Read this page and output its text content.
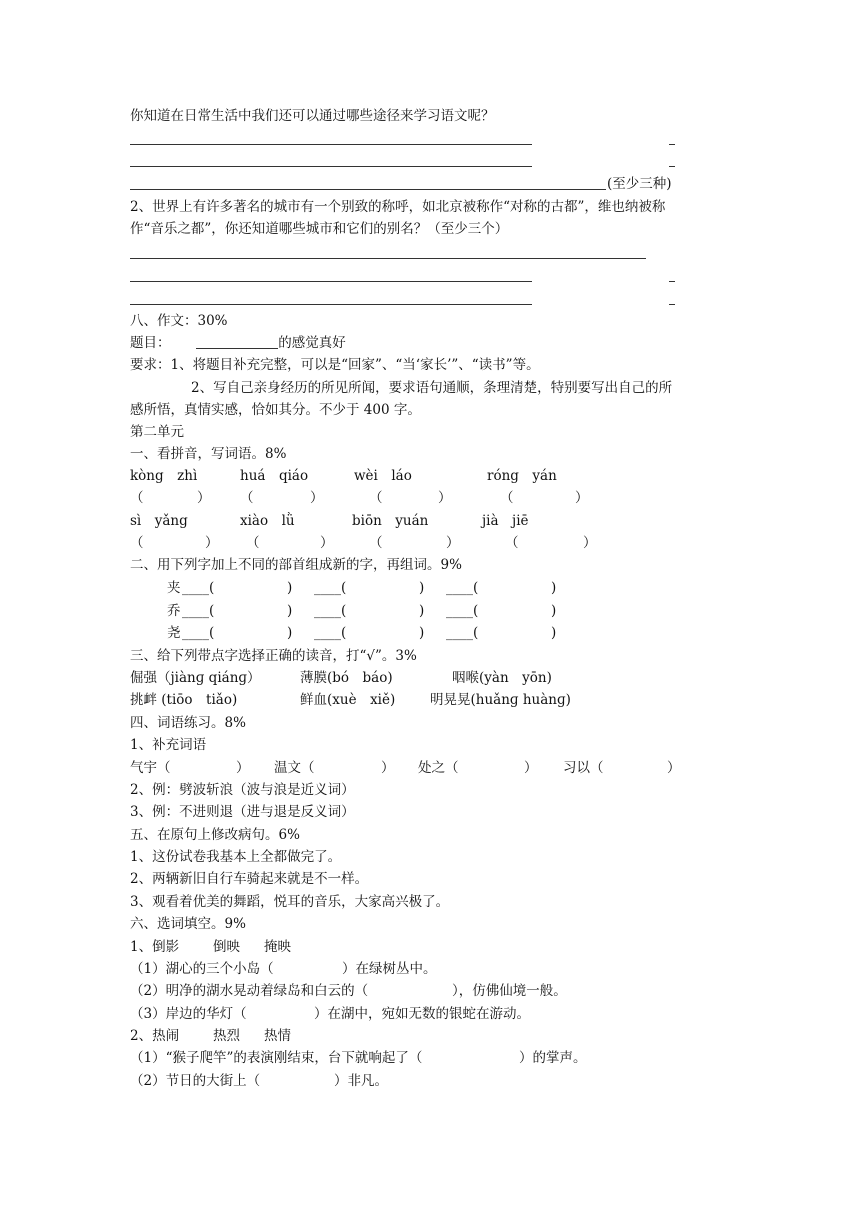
你知道在日常生活中我们还可以通过哪些途径来学习语文呢？
(至少三种)
2、世界上有许多著名的城市有一个别致的称呼，如北京被称作“对称的古都”，维也纳被称
作“音乐之都”，你还知道哪些城市和它们的别名？（至少三个）
八、作文：30%
题目：	的感觉真好
要求：1、将题目补充完整，可以是“回家”、“当‘家长’”、“读书”等。
2、写自己亲身经历的所见所闻，要求语句通顺，条理清楚，特别要写出自己的所
感所悟，真情实感，恰如其分。不少于 400 字。
第二单元
一、看拼音，写词语。8%
kòng　zhì	huá　qiáo	wèi　láo	róng　yán
（	） （	）	（	）	（	）
sì　yǎng	xiào　lǜ	biōn　yuán	jià　jiē
（	） （	）	（	）	（	）
二、用下列字加上不同的部首组成新的字，再组词。9%
夹 ____(	) ____(	) ____(	)
乔 ____(	) ____(	) ____(	)
尧 ____(	) ____(	) ____(	)
三、给下列带点字选择正确的读音，打“√”。3%
倔强（jiànɡ qiánɡ）	薄膜(bó　báo)	咽喉(yàn　yōn)
挑衅 (tiōo　tiǎo)	鲜血(xuè　xiě)	明晃晃(huǎnɡ huànɡ)
四、词语练习。8%
1、补充词语
气宇（	） 温文（	） 处之（	） 习以（	）
2、例：劈波斩浪（波与浪是近义词）
3、例：不进则退（进与退是反义词）
五、在原句上修改病句。6%
1、这份试卷我基本上全都做完了。
2、两辆新旧自行车骑起来就是不一样。
3、观看着优美的舞蹈，悦耳的音乐，大家高兴极了。
六、选词填空。9%
1、倒影	倒映 掩映
（1）湖心的三个小岛（	）在绿树丛中。
（2）明净的湖水晃动着绿岛和白云的（	），仿佛仙境一般。
（3）岸边的华灯（	）在湖中，宛如无数的银蛇在游动。
2、热闹	热烈 热情
（1）“猴子爬竿”的表演刚结束，台下就响起了（	）的掌声。
（2）节日的大街上（	）非凡。
